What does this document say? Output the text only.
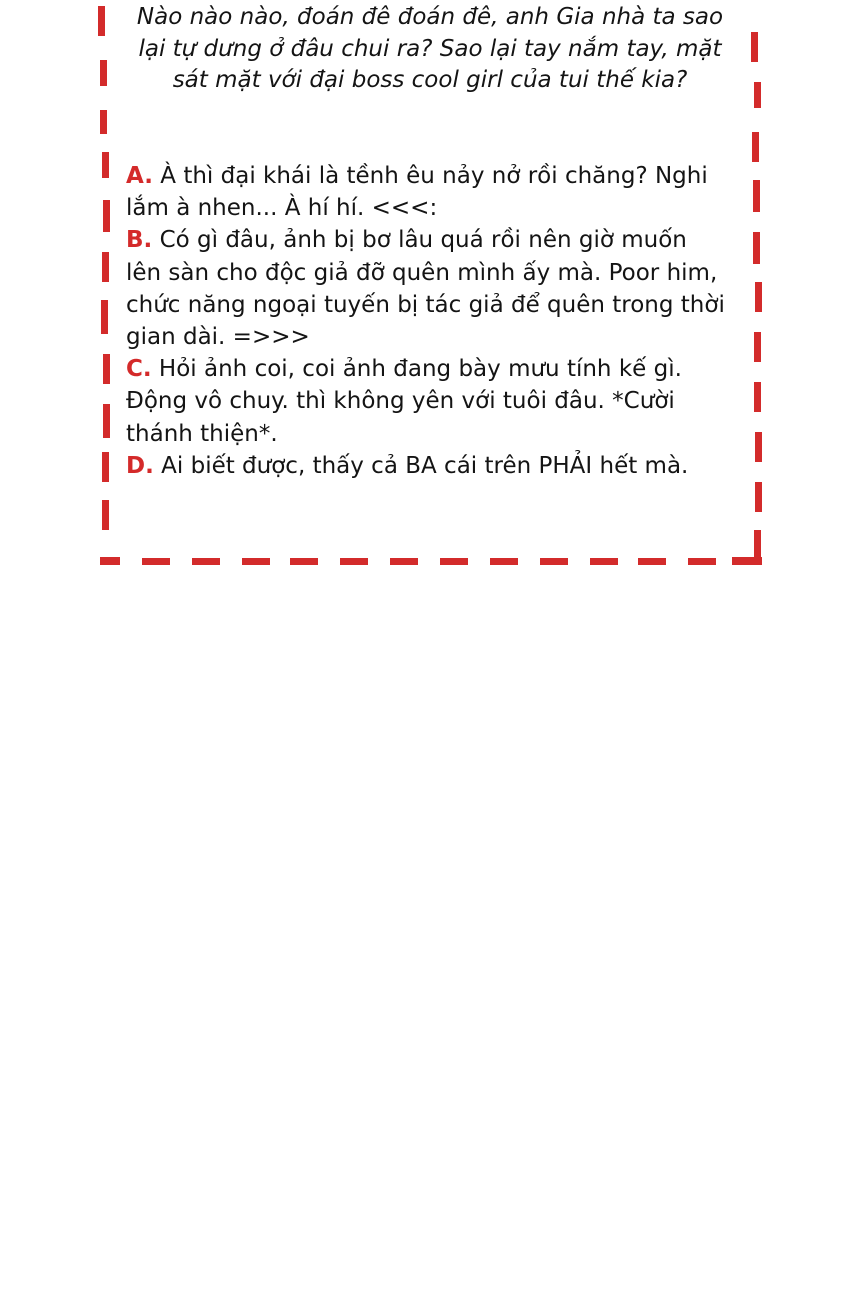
Nào nào nào, đoán đê đoán đê, anh Gia nhà ta sao lại tự dưng ở đâu chui ra? Sao lại tay nắm tay, mặt sát mặt với đại boss cool girl của tui thế kia?

A. À thì đại khái là tềnh êu nảy nở rồi chăng? Nghi lắm à nhen... À hí hí. <<<:

B. Có gì đâu, ảnh bị bơ lâu quá rồi nên giờ muốn lên sàn cho độc giả đỡ quên mình ấy mà. Poor him, chức năng ngoại tuyến bị tác giả để quên trong thời gian dài. =>>>

C. Hỏi ảnh coi, coi ảnh đang bày mưu tính kế gì. Động vô chuy. thì không yên với tuôi đâu. *Cười thánh thiện*.

D. Ai biết được, thấy cả BA cái trên PHẢI hết mà.
